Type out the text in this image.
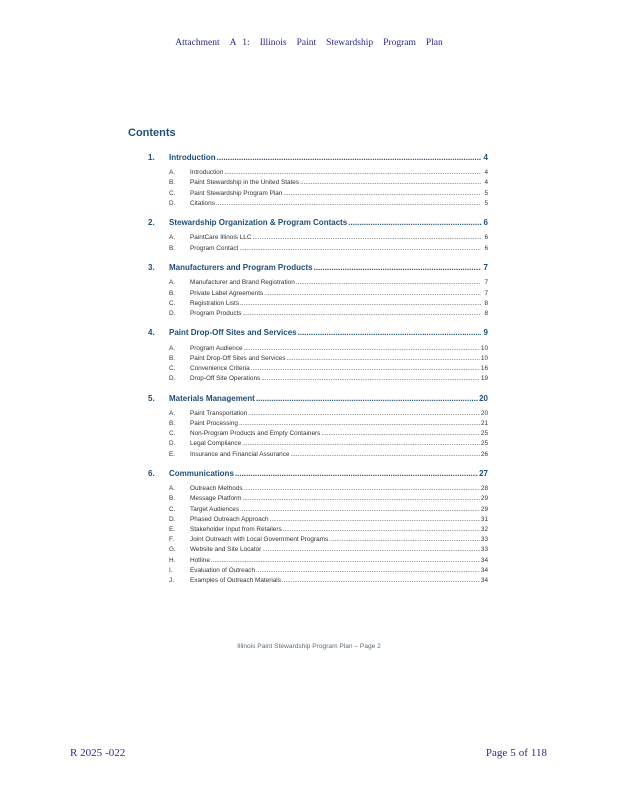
Attachment A 1: Illinois Paint Stewardship Program Plan
Contents
1.	Introduction .....	4
A.	Introduction .....	4
B.	Paint Stewardship in the United States .....	4
C.	Paint Stewardship Program Plan .....	5
D.	Citations .....	5
2.	Stewardship Organization & Program Contacts .....	6
A.	PaintCare Illinois LLC .....	6
B.	Program Contact .....	6
3.	Manufacturers and Program Products .....	7
A.	Manufacturer and Brand Registration .....	7
B.	Private Label Agreements .....	7
C.	Registration Lists .....	8
D.	Program Products .....	8
4.	Paint Drop-Off Sites and Services .....	9
A.	Program Audience .....	10
B.	Paint Drop-Off Sites and Services .....	10
C.	Convenience Criteria .....	16
D.	Drop-Off Site Operations .....	19
5.	Materials Management .....	20
A.	Paint Transportation .....	20
B.	Paint Processing .....	21
C.	Non-Program Products and Empty Containers .....	25
D.	Legal Compliance .....	25
E.	Insurance and Financial Assurance .....	26
6.	Communications .....	27
A.	Outreach Methods .....	28
B.	Message Platform .....	29
C.	Target Audiences .....	29
D.	Phased Outreach Approach .....	31
E.	Stakeholder Input from Retailers .....	32
F.	Joint Outreach with Local Government Programs .....	33
G.	Website and Site Locator .....	33
H.	Hotline .....	34
I.	Evaluation of Outreach .....	34
J.	Examples of Outreach Materials .....	34
Illinois Paint Stewardship Program Plan – Page 2
R 2025 -022	Page 5 of 118
